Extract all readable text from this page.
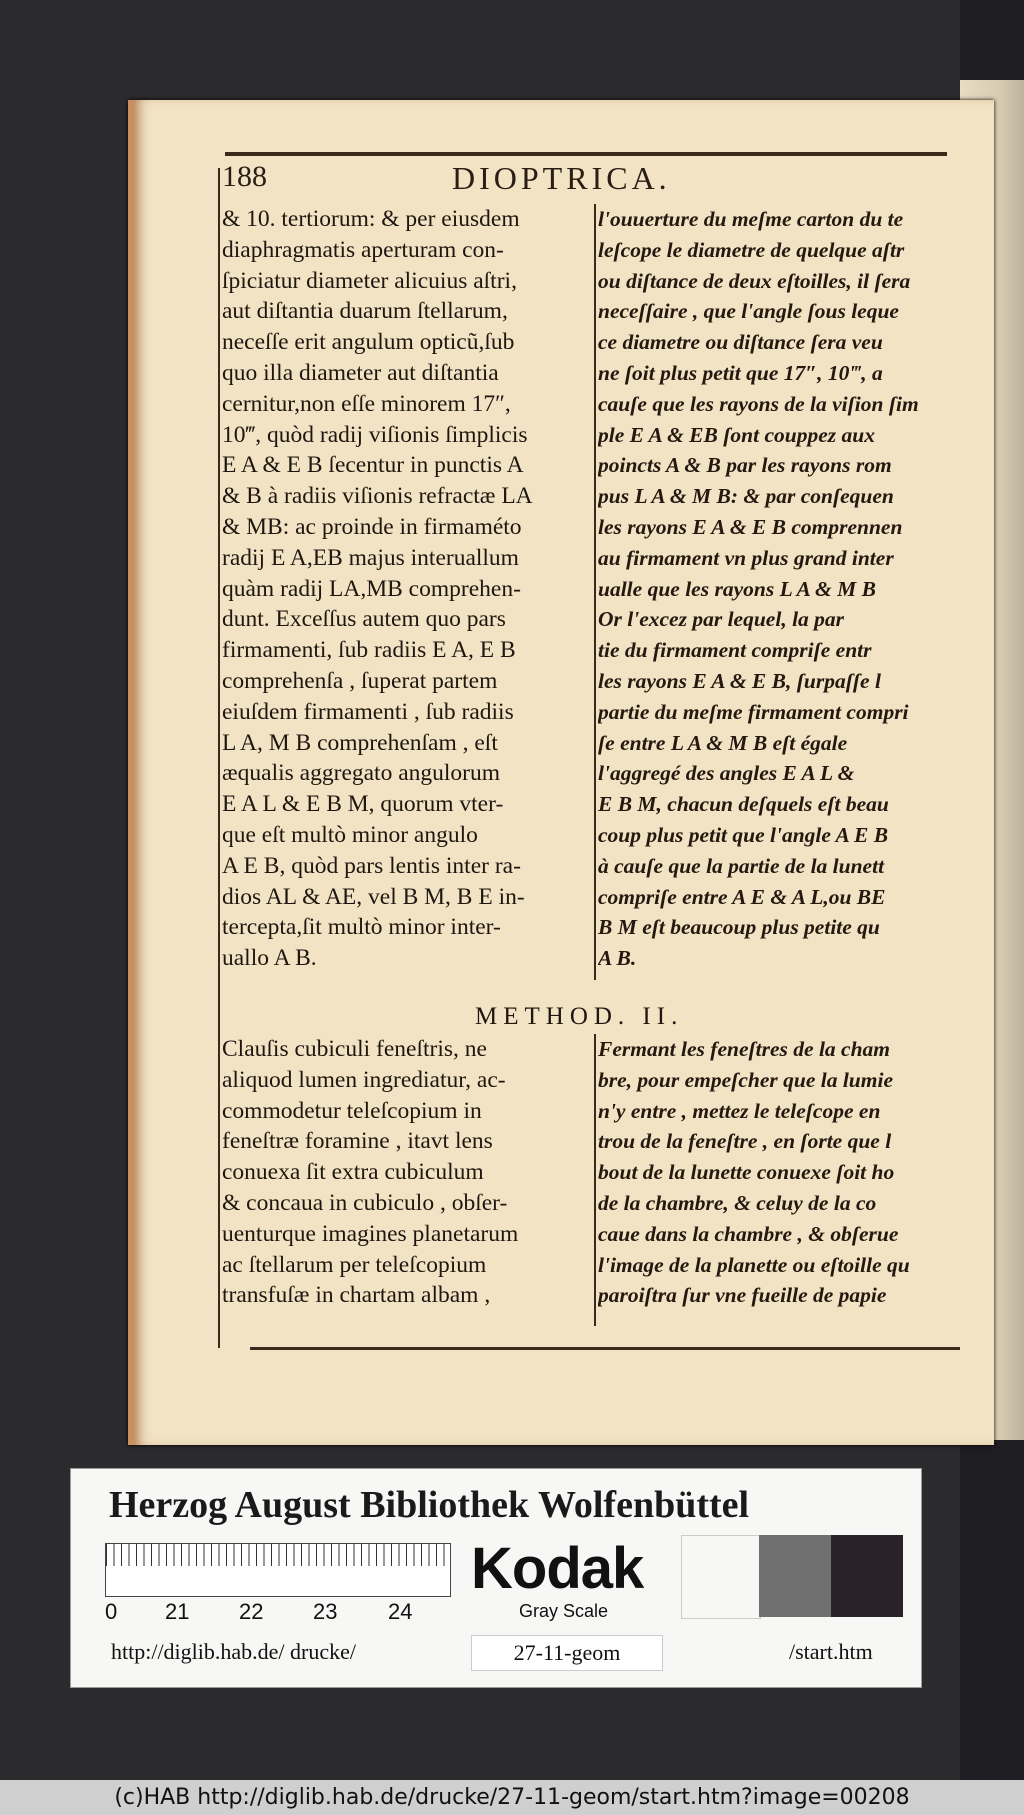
188	DIOPTRICA.
& 10. tertiorum: & per eiusdem
diaphragmatis aperturam con-
ſpiciatur diameter alicuius aſtri,
aut diſtantia duarum ſtellarum,
neceſſe erit angulum opticũ,ſub
quo illa diameter aut diſtantia
cernitur,non eſſe minorem 17″,
10‴, quòd radij viſionis ſimplicis
E A & E B ſecentur in punctis A
& B à radiis viſionis refractæ LA
& MB: ac proinde in firmaméto
radij E A,EB majus interuallum
quàm radij LA,MB comprehen-
dunt. Exceſſus autem quo pars
firmamenti, ſub radiis E A, E B
comprehenſa , ſuperat partem
eiuſdem firmamenti , ſub radiis
L A, M B comprehenſam , eſt
æqualis aggregato angulorum
E A L & E B M, quorum vter-
que eſt multò minor angulo
A E B, quòd pars lentis inter ra-
dios AL & AE, vel B M, B E in-
tercepta,ſit multò minor inter-
uallo A B.
l'ouuerture du meſme carton du te
leſcope le diametre de quelque aſtr
ou diſtance de deux eſtoilles, il ſera
neceſſaire , que l'angle ſous leque
ce diametre ou diſtance ſera veu
ne ſoit plus petit que 17″, 10‴, a
cauſe que les rayons de la viſion ſim
ple E A & EB ſont couppez aux
poincts A & B par les rayons rom
pus L A & M B: & par conſequen
les rayons E A & E B comprennen
au firmament vn plus grand inter
ualle que les rayons L A & M B
Or l'excez par lequel, la par
tie du firmament compriſe entr
les rayons E A & E B, ſurpaſſe l
partie du meſme firmament compri
ſe entre L A & M B eſt égale
l'aggregé des angles E A L &
E B M, chacun deſquels eſt beau
coup plus petit que l'angle A E B
à cauſe que la partie de la lunett
compriſe entre A E & A L,ou BE
B M eſt beaucoup plus petite qu
A B.
METHOD. II.
Clauſis cubiculi feneſtris, ne
aliquod lumen ingrediatur, ac-
commodetur teleſcopium in
feneſtræ foramine , itavt lens
conuexa ſit extra cubiculum
& concaua in cubiculo , obſer-
uenturque imagines planetarum
ac ſtellarum per teleſcopium
transfuſæ in chartam albam ,
Fermant les feneſtres de la cham
bre, pour empeſcher que la lumie
n'y entre , mettez le teleſcope en
trou de la feneſtre , en ſorte que l
bout de la lunette conuexe ſoit ho
de la chambre, & celuy de la co
caue dans la chambre , & obſerue
l'image de la planette ou eſtoille qu
paroiſtra ſur vne fueille de papie
Herzog August Bibliothek Wolfenbüttel
0 21 22 23 24
Kodak
Gray Scale
http://diglib.hab.de/ drucke/	27-11-geom	/start.htm
(c)HAB http://diglib.hab.de/drucke/27-11-geom/start.htm?image=00208
